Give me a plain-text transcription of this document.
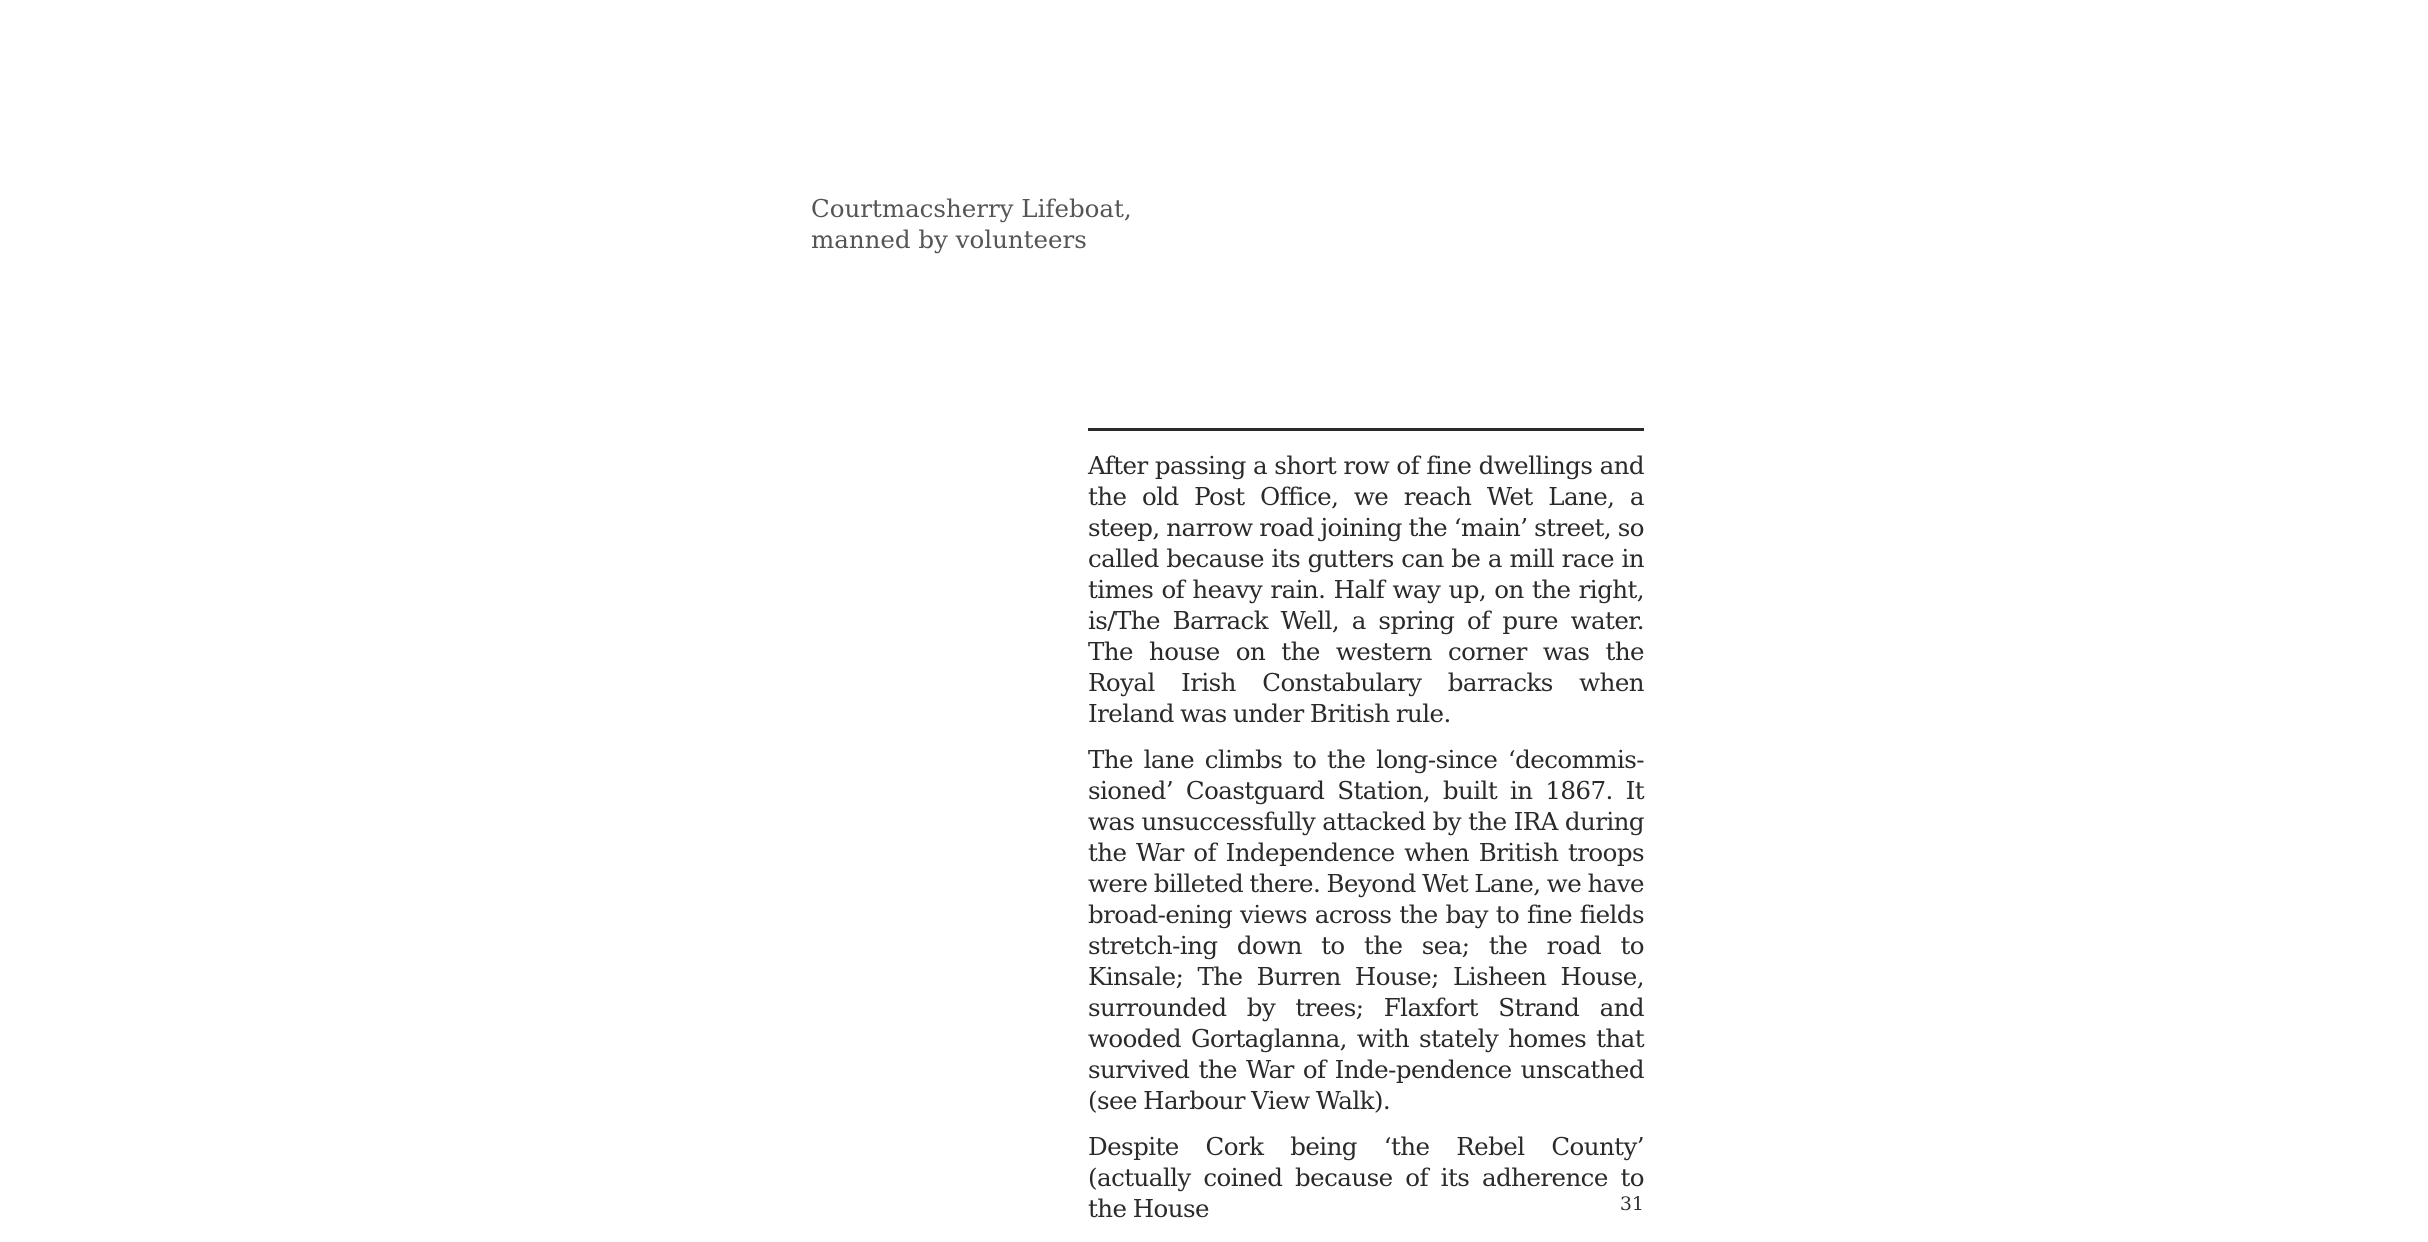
Courtmacsherry Lifeboat,
manned by volunteers

After passing a short row of fine dwellings and the old Post Office, we reach Wet Lane, a steep, narrow road joining the ‘main’ street, so called because its gutters can be a mill race in times of heavy rain. Half way up, on the right, is/The Barrack Well, a spring of pure water. The house on the western corner was the Royal Irish Constabulary barracks when Ireland was under British rule.

The lane climbs to the long-since ‘decommis-sioned’ Coastguard Station, built in 1867. It was unsuccessfully attacked by the IRA during the War of Independence when British troops were billeted there. Beyond Wet Lane, we have broad-ening views across the bay to fine fields stretch-ing down to the sea; the road to Kinsale; The Burren House; Lisheen House, surrounded by trees; Flaxfort Strand and wooded Gortaglanna, with stately homes that survived the War of Inde-pendence unscathed (see Harbour View Walk).

Despite Cork being ‘the Rebel County’ (actually coined because of its adherence to the House	31
